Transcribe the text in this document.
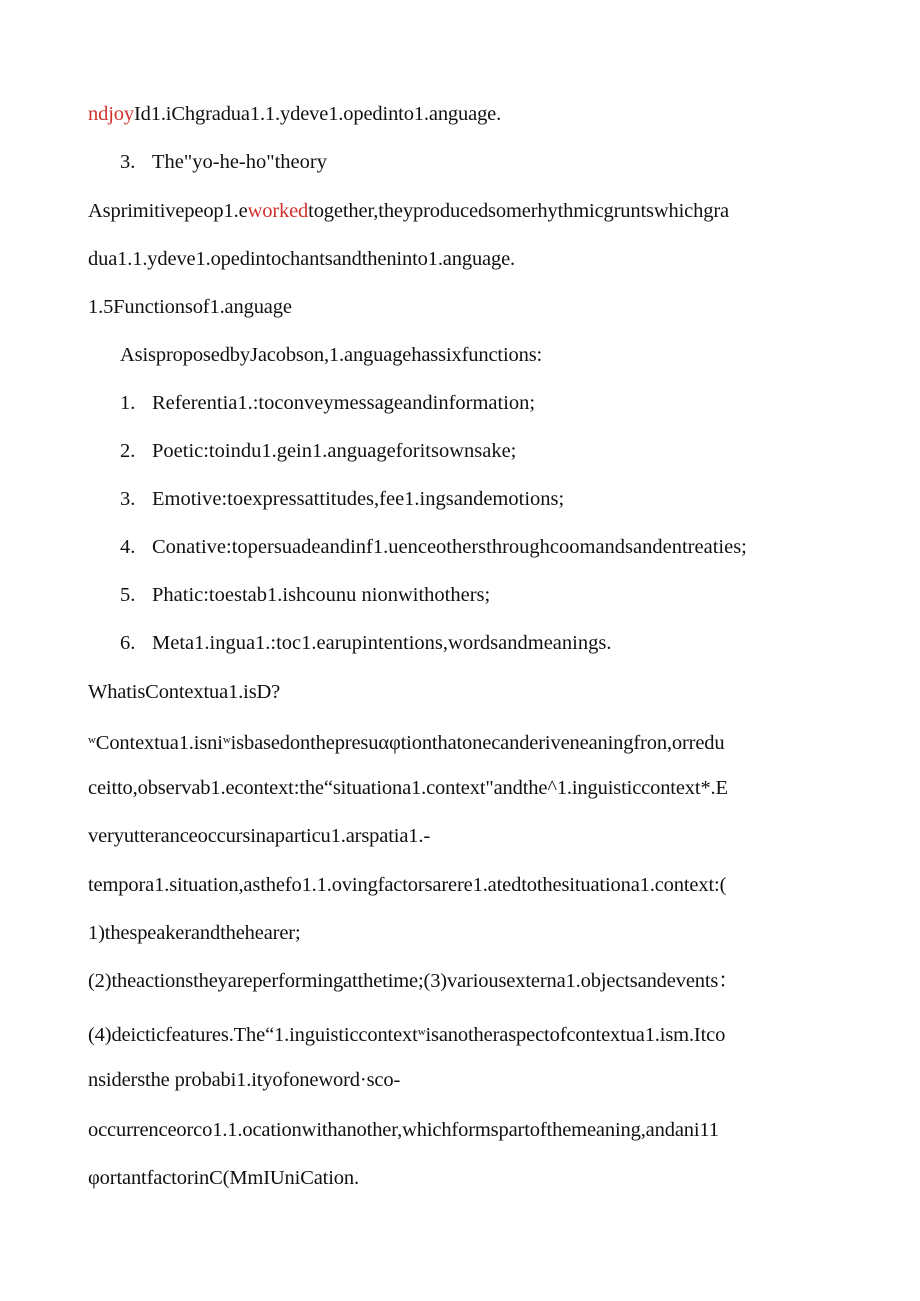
ndjoyId1.iChgradua1.1.ydeve1.opedinto1.anguage.
3. The"yo-he-ho"theory
Asprimitivepeop1.eworkedtogether,theyproducedsomerhythmicgruntswhichgra
dua1.1.ydeve1.opedintochantsandtheninto1.anguage.
1.5Functionsof1.anguage
AsisproposedbyJacobson,1.anguagehassixfunctions:
1. Referentia1.:toconveymessageandinformation;
2. Poetic:toindu1.gein1.anguageforitsownsake;
3. Emotive:toexpressattitudes,fee1.ingsandemotions;
4. Conative:topersuadeandinf1.uenceothersthroughcoomandsandentreaties;
5. Phatic:toestab1.ishcounu nionwithothers;
6. Meta1.ingua1.:toc1.earupintentions,wordsandmeanings.
WhatisContextua1.isD?
$^w$Contextua1.isni$^w$isbasedonthepresuαφtionthatonecanderiveneaningfron,orredu
ceitto,observab1.econtext:the“situationa1.context"andthe^1.inguisticcontext*.E
veryutteranceoccursinaparticu1.arspatia1.-
tempora1.situation,asthefo1.1.ovingfactorsarere1.atedtothesituationa1.context:(
1)thespeakerandthehearer;
(2)theactionstheyareperformingatthetime;(3)variousexterna1.objectsandevents：
(4)deicticfeatures.The“1.inguisticcontext$^w$isanotheraspectofcontextua1.ism.Itco
nsidersthe probabi1.ityofoneword·sco-
occurrenceorco1.1.ocationwithanother,whichformspartofthemeaning,andani11
φortantfactorinC(MmIUniCation.
